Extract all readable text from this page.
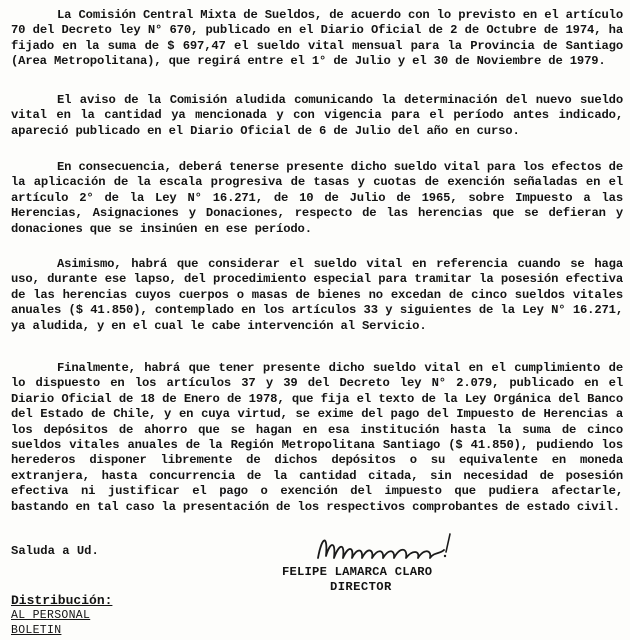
La Comisión Central Mixta de Sueldos, de acuerdo con lo previsto en el artículo 70 del Decreto ley N° 670, publicado en el Diario Oficial de 2 de Octubre de 1974, ha fijado en la suma de $ 697,47 el sueldo vital mensual para la Provincia de Santiago (Area Metropolitana), que regirá entre el 1° de Julio y el 30 de Noviembre de 1979.
El aviso de la Comisión aludida comunicando la determinación del nuevo sueldo vital en la cantidad ya mencionada y con vigencia para el período antes indicado, apareció publicado en el Diario Oficial de 6 de Julio del año en curso.
En consecuencia, deberá tenerse presente dicho sueldo vital para los efectos de la aplicación de la escala progresiva de tasas y cuotas de exención señaladas en el artículo 2° de la Ley N° 16.271, de 10 de Julio de 1965, sobre Impuesto a las Herencias, Asignaciones y Donaciones, respecto de las herencias que se defieran y donaciones que se insinúen en ese período.
Asimismo, habrá que considerar el sueldo vital en referencia cuando se haga uso, durante ese lapso, del procedimiento especial para tramitar la posesión efectiva de las herencias cuyos cuerpos o masas de bienes no excedan de cinco sueldos vitales anuales ($ 41.850), contemplado en los artículos 33 y siguientes de la Ley N° 16.271, ya aludida, y en el cual le cabe intervención al Servicio.
Finalmente, habrá que tener presente dicho sueldo vital en el cumplimiento de lo dispuesto en los artículos 37 y 39 del Decreto ley N° 2.079, publicado en el Diario Oficial de 18 de Enero de 1978, que fija el texto de la Ley Orgánica del Banco del Estado de Chile, y en cuya virtud, se exime del pago del Impuesto de Herencias a los depósitos de ahorro que se hagan en esa institución hasta la suma de cinco sueldos vitales anuales de la Región Metropolitana Santiago ($ 41.850), pudiendo los herederos disponer libremente de dichos depósitos o su equivalente en moneda extranjera, hasta concurrencia de la cantidad citada, sin necesidad de posesión efectiva ni justificar el pago o exención del impuesto que pudiera afectarle, bastando en tal caso la presentación de los respectivos comprobantes de estado civil.
Saluda a Ud.
FELIPE LAMARCA CLARO
DIRECTOR
Distribución:
AL PERSONAL
BOLETIN
